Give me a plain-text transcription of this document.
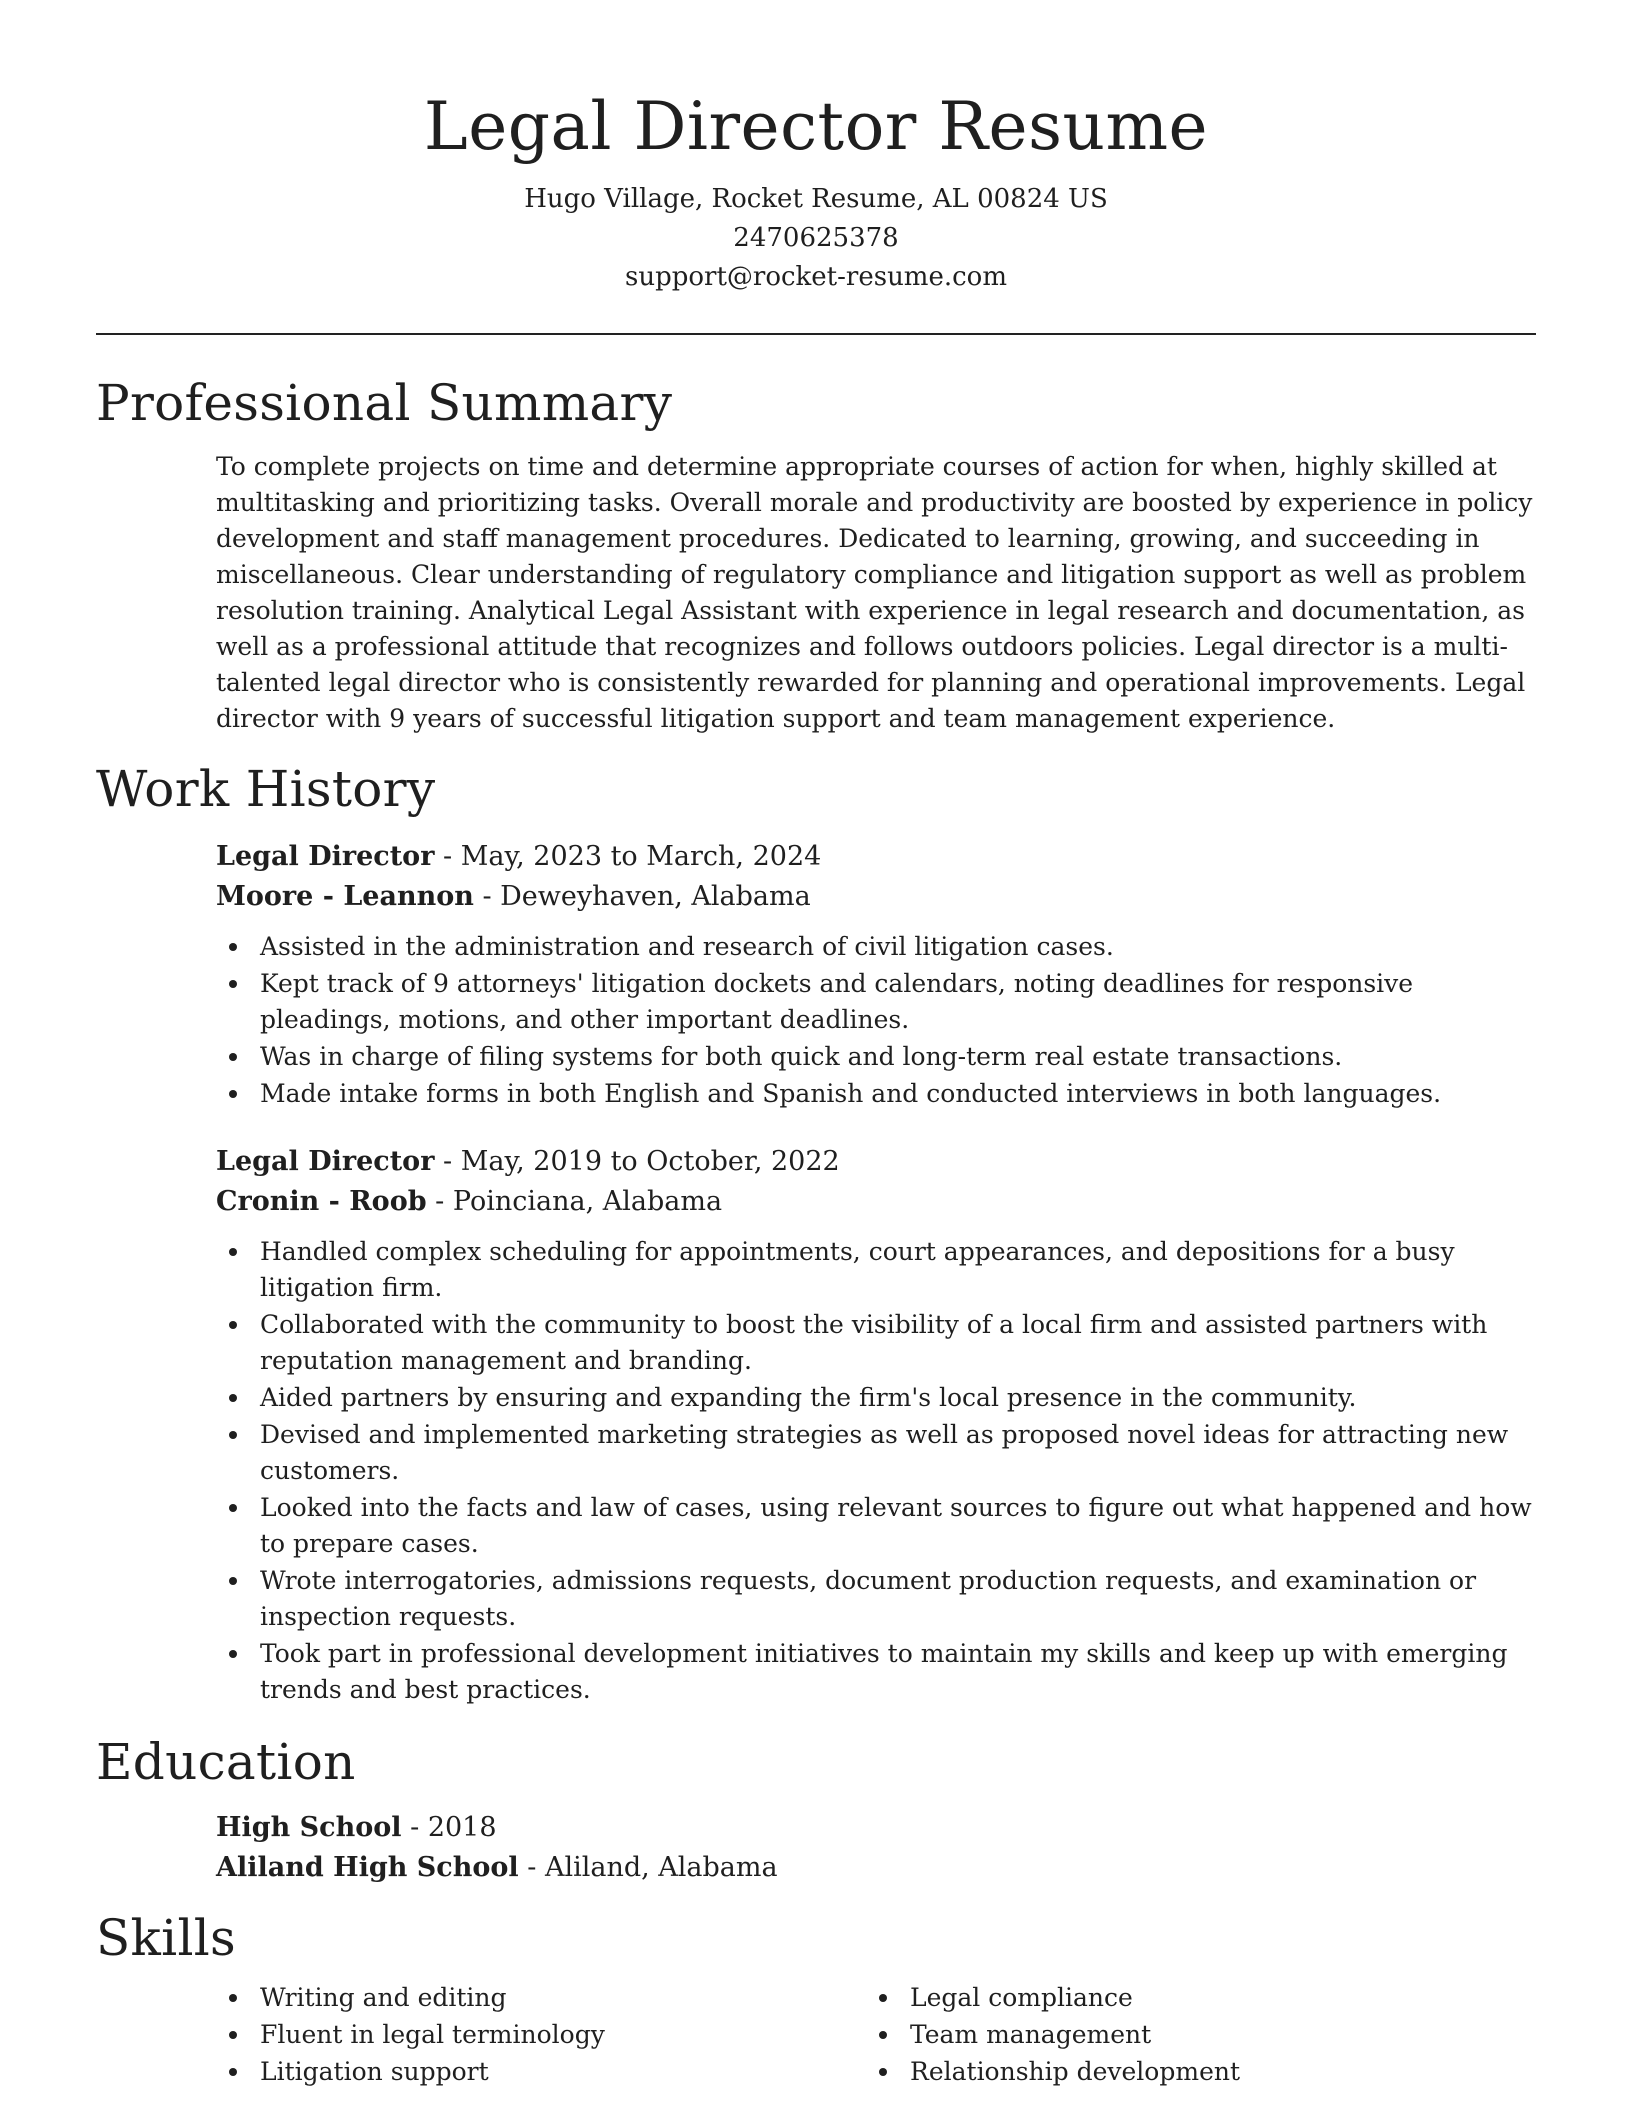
Legal Director Resume

Hugo Village, Rocket Resume, AL 00824 US

2470625378

support@rocket-resume.com

Professional Summary

To complete projects on time and determine appropriate courses of action for when, highly skilled at multitasking and prioritizing tasks. Overall morale and productivity are boosted by experience in policy development and staff management procedures. Dedicated to learning, growing, and succeeding in miscellaneous. Clear understanding of regulatory compliance and litigation support as well as problem resolution training. Analytical Legal Assistant with experience in legal research and documentation, as well as a professional attitude that recognizes and follows outdoors policies. Legal director is a multi-talented legal director who is consistently rewarded for planning and operational improvements. Legal director with 9 years of successful litigation support and team management experience.

Work History

Legal Director - May, 2023 to March, 2024

Moore - Leannon - Deweyhaven, Alabama

Assisted in the administration and research of civil litigation cases.
Kept track of 9 attorneys' litigation dockets and calendars, noting deadlines for responsive pleadings, motions, and other important deadlines.
Was in charge of filing systems for both quick and long-term real estate transactions.
Made intake forms in both English and Spanish and conducted interviews in both languages.

Legal Director - May, 2019 to October, 2022

Cronin - Roob - Poinciana, Alabama

Handled complex scheduling for appointments, court appearances, and depositions for a busy litigation firm.
Collaborated with the community to boost the visibility of a local firm and assisted partners with reputation management and branding.
Aided partners by ensuring and expanding the firm's local presence in the community.
Devised and implemented marketing strategies as well as proposed novel ideas for attracting new customers.
Looked into the facts and law of cases, using relevant sources to figure out what happened and how to prepare cases.
Wrote interrogatories, admissions requests, document production requests, and examination or inspection requests.
Took part in professional development initiatives to maintain my skills and keep up with emerging trends and best practices.
Education

High School - 2018

Aliland High School - Aliland, Alabama

Skills
Writing and editing
Fluent in legal terminology
Litigation support
Legal compliance
Team management
Relationship development
